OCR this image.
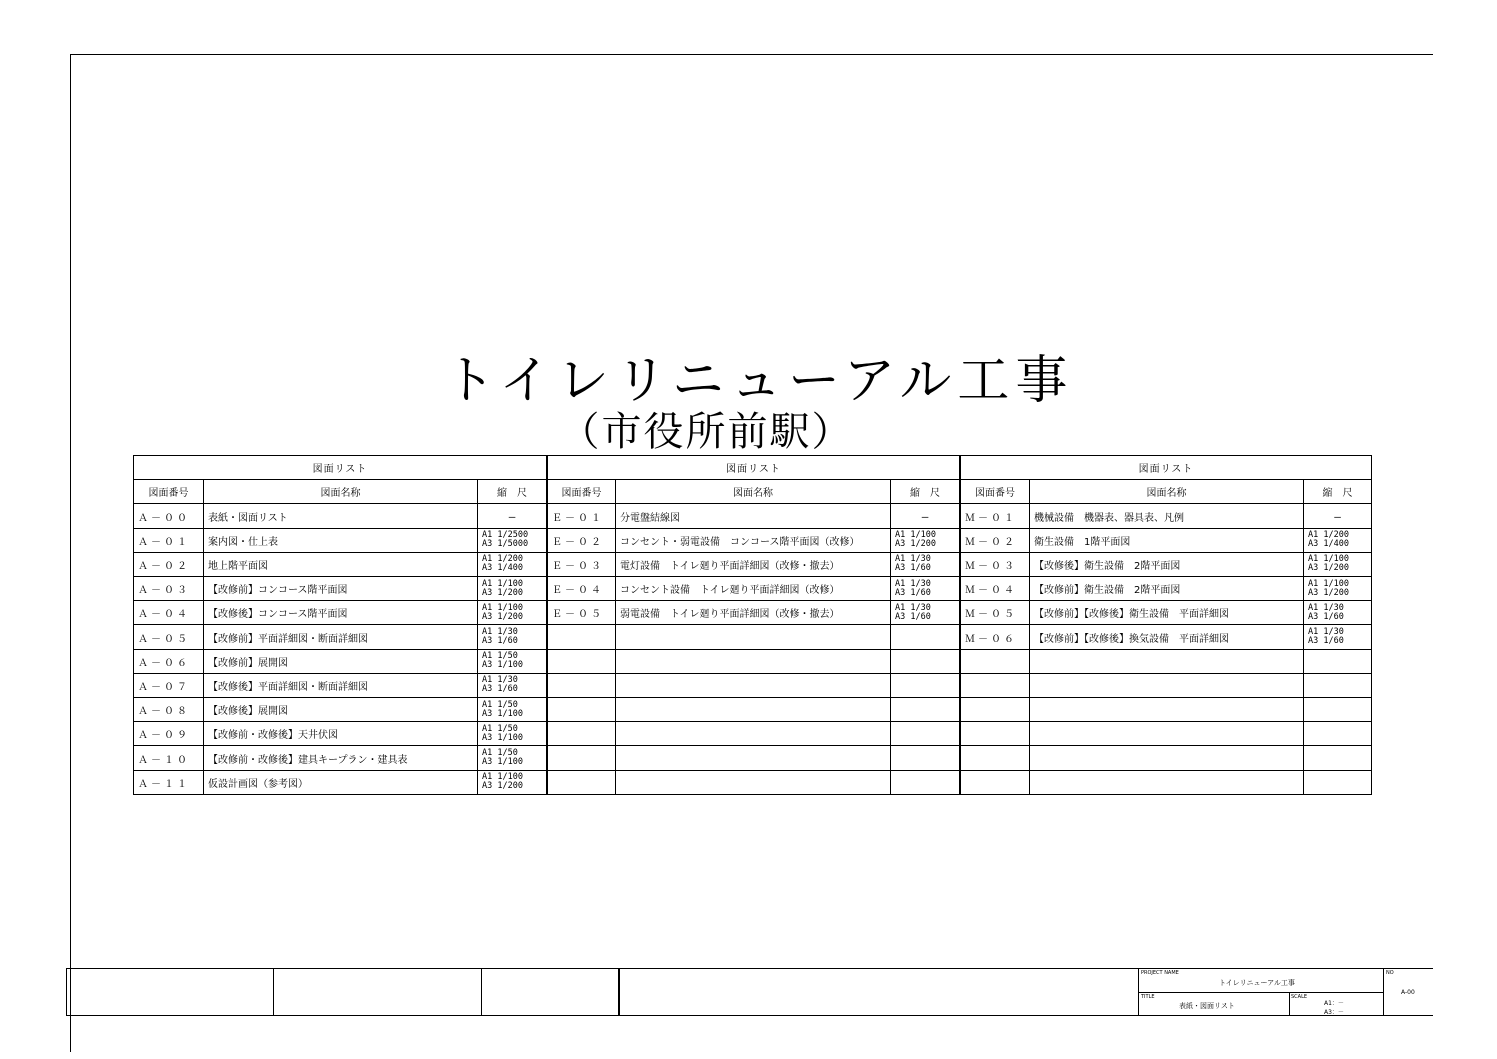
トイレリニューアル工事
（市役所前駅）
図面リスト		
図面番号	図面名称	縮　尺
Ａ－００	表紙・図面リスト	—

Ａ－０１	案内図・仕上表	A1 1/2500
A3 1/5000

Ａ－０２	地上階平面図	A1 1/200
A3 1/400

Ａ－０３	【改修前】コンコース階平面図	A1 1/100
A3 1/200

Ａ－０４	【改修後】コンコース階平面図	A1 1/100
A3 1/200

Ａ－０５	【改修前】平面詳細図・断面詳細図	A1 1/30
A3 1/60

Ａ－０６	【改修前】展開図	A1 1/50
A3 1/100

Ａ－０７	【改修後】平面詳細図・断面詳細図	A1 1/30
A3 1/60

Ａ－０８	【改修後】展開図	A1 1/50
A3 1/100

Ａ－０９	【改修前・改修後】天井伏図	A1 1/50
A3 1/100

Ａ－１０	【改修前・改修後】建具キープラン・建具表	A1 1/50
A3 1/100

Ａ－１１	仮設計画図（参考図）	A1 1/100
A3 1/200
図面リスト		
図面番号	図面名称	縮　尺
Ｅ－０１	分電盤結線図	—

Ｅ－０２	コンセント・弱電設備　コンコース階平面図（改修）	A1 1/100
A3 1/200

Ｅ－０３	電灯設備　トイレ廻り平面詳細図（改修・撤去）	A1 1/30
A3 1/60

Ｅ－０４	コンセント設備　トイレ廻り平面詳細図（改修）	A1 1/30
A3 1/60

Ｅ－０５	弱電設備　トイレ廻り平面詳細図（改修・撤去）	A1 1/30
A3 1/60

図面リスト		
図面番号	図面名称	縮　尺
Ｍ－０１	機械設備　機器表、器具表、凡例	—

Ｍ－０２	衛生設備　1階平面図	A1 1/200
A3 1/400

Ｍ－０３	【改修後】衛生設備　2階平面図	A1 1/100
A3 1/200

Ｍ－０４	【改修前】衛生設備　2階平面図	A1 1/100
A3 1/200

Ｍ－０５	【改修前】【改修後】衛生設備　平面詳細図	A1 1/30
A3 1/60

Ｍ－０６	【改修前】【改修後】換気設備　平面詳細図	A1 1/30
A3 1/60

PROJECT NAME
トイレリニューアル工事
TITLE
表紙・図面リスト
SCALE
A1：－
A3：－
NO
A-00
